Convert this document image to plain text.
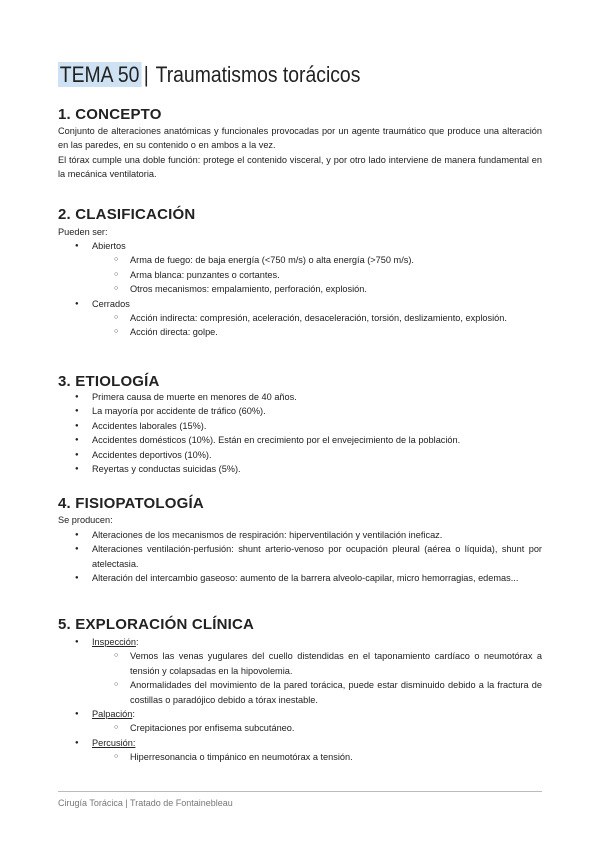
TEMA 50 | Traumatismos torácicos
1. CONCEPTO

Conjunto de alteraciones anatómicas y funcionales provocadas por un agente traumático que produce una alteración en las paredes, en su contenido o en ambos a la vez.

El tórax cumple una doble función: protege el contenido visceral, y por otro lado interviene de manera fundamental en la mecánica ventilatoria.

2. CLASIFICACIÓN

Pueden ser:

● Abiertos
○ Arma de fuego: de baja energía (<750 m/s) o alta energía (>750 m/s).
○ Arma blanca: punzantes o cortantes.
○ Otros mecanismos: empalamiento, perforación, explosión.
● Cerrados
○ Acción indirecta: compresión, aceleración, desaceleración, torsión, deslizamiento, explosión.
○ Acción directa: golpe.
3. ETIOLOGÍA
● Primera causa de muerte en menores de 40 años.
● La mayoría por accidente de tráfico (60%).
● Accidentes laborales (15%).
● Accidentes domésticos (10%). Están en crecimiento por el envejecimiento de la población.
● Accidentes deportivos (10%).
● Reyertas y conductas suicidas (5%).
4. FISIOPATOLOGÍA

Se producen:

● Alteraciones de los mecanismos de respiración: hiperventilación y ventilación ineficaz.
● Alteraciones ventilación-perfusión: shunt arterio-venoso por ocupación pleural (aérea o líquida), shunt por atelectasia.
● Alteración del intercambio gaseoso: aumento de la barrera alveolo-capilar, micro hemorragias, edemas...
5. EXPLORACIÓN CLÍNICA
● Inspección:
○ Vemos las venas yugulares del cuello distendidas en el taponamiento cardíaco o neumotórax a tensión y colapsadas en la hipovolemia.
○ Anormalidades del movimiento de la pared torácica, puede estar disminuido debido a la fractura de costillas o paradójico debido a tórax inestable.
● Palpación:
○ Crepitaciones por enfisema subcutáneo.
● Percusión:
○ Hiperresonancia o timpánico en neumotórax a tensión.
Cirugía Torácica | Tratado de Fontainebleau
